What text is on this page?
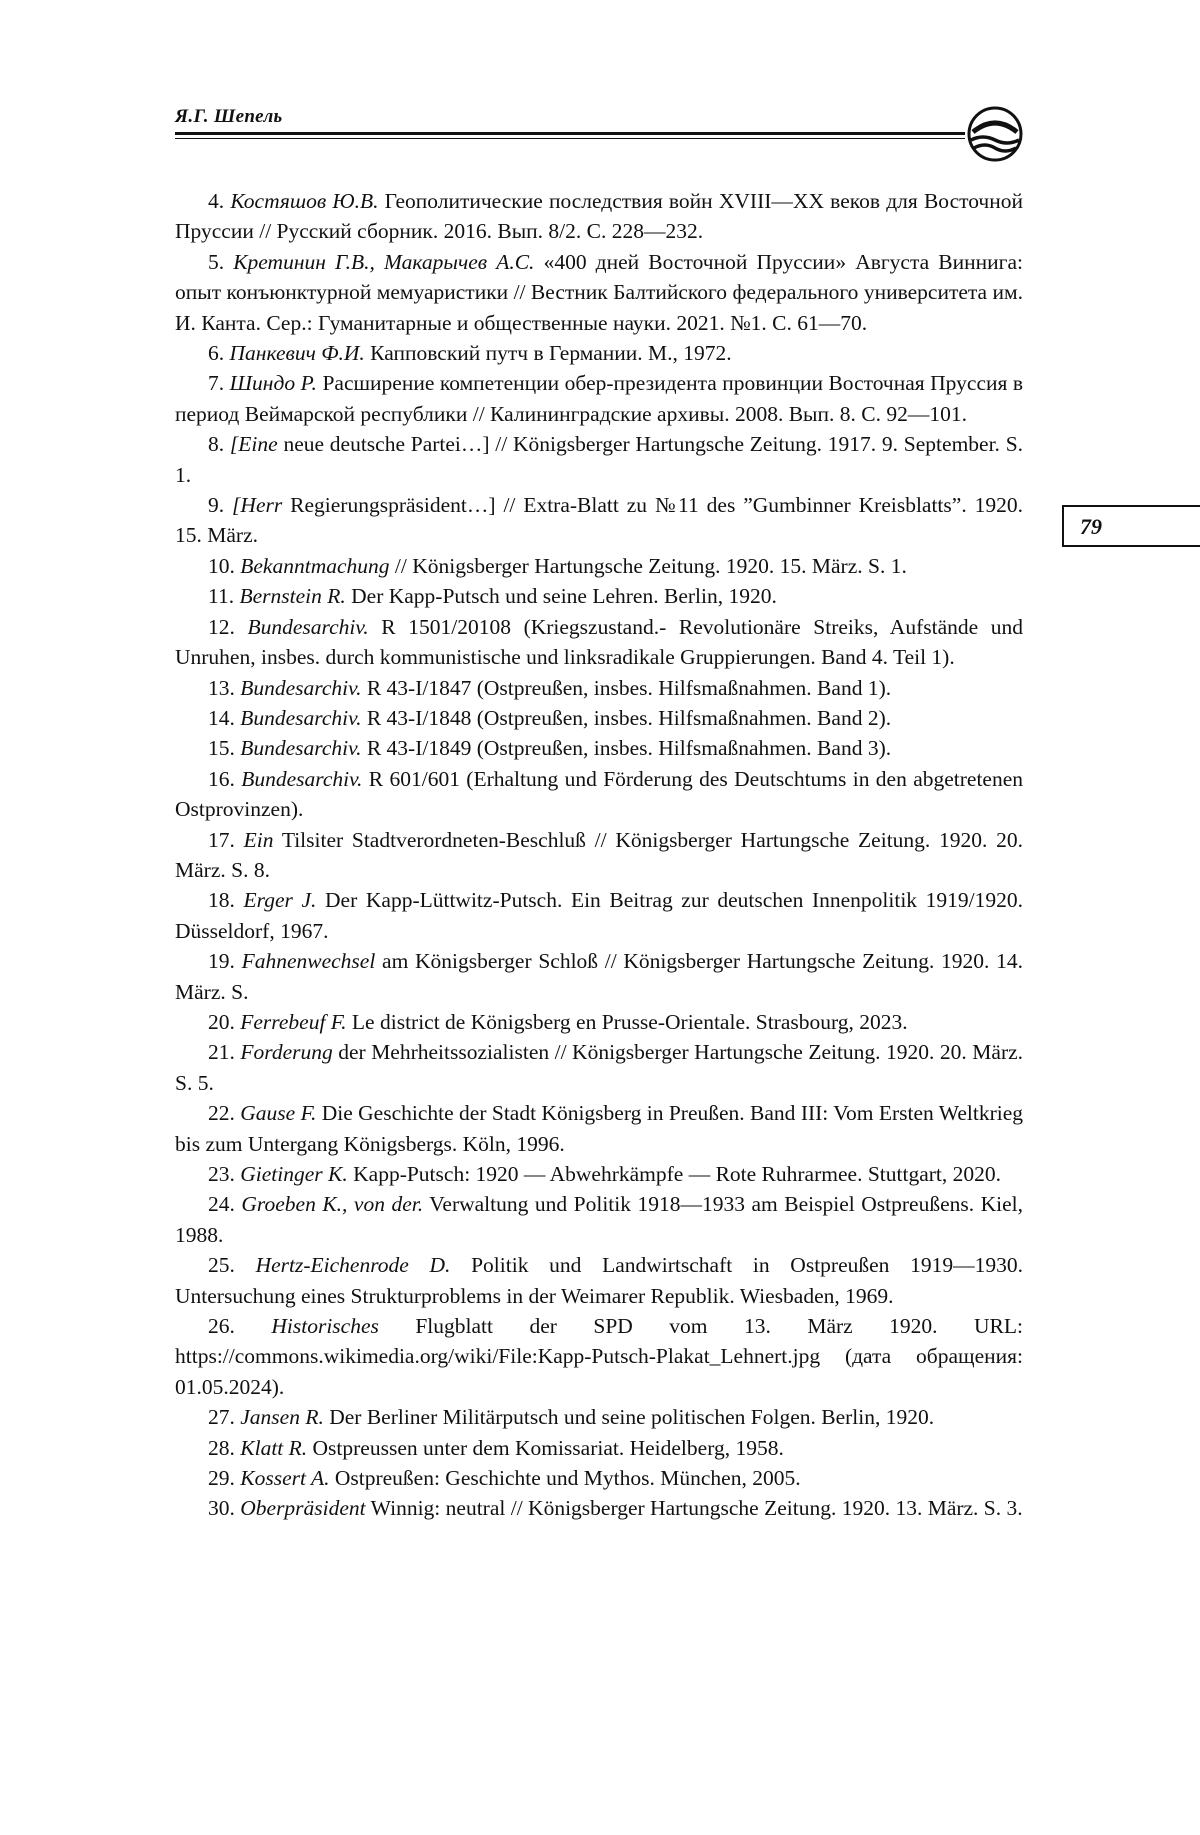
Я.Г. Шепель
79

4. Костяшов Ю.В. Геополитические последствия войн XVIII—XX веков для Восточной Пруссии // Русский сборник. 2016. Вып. 8/2. С. 228—232.

5. Кретинин Г.В., Макарычев А.С. «400 дней Восточной Пруссии» Августа Виннига: опыт конъюнктурной мемуаристики // Вестник Балтийского федерального университета им. И. Канта. Сер.: Гуманитарные и общественные науки. 2021. №1. С. 61—70.

6. Панкевич Ф.И. Капповский путч в Германии. М., 1972.

7. Шиндо Р. Расширение компетенции обер-президента провинции Восточная Пруссия в период Веймарской республики // Калининградские архивы. 2008. Вып. 8. С. 92—101.

8. [Eine neue deutsche Partei…] // Königsberger Hartungsche Zeitung. 1917. 9. September. S. 1.

9. [Herr Regierungspräsident…] // Extra-Blatt zu №11 des ”Gumbinner Kreisblatts”. 1920. 15. März.

10. Bekanntmachung // Königsberger Hartungsche Zeitung. 1920. 15. März. S. 1.

11. Bernstein R. Der Kapp-Putsch und seine Lehren. Berlin, 1920.

12. Bundesarchiv. R 1501/20108 (Kriegszustand.- Revolutionäre Streiks, Aufstände und Unruhen, insbes. durch kommunistische und linksradikale Gruppierungen. Band 4. Teil 1).

13. Bundesarchiv. R 43-I/1847 (Ostpreußen, insbes. Hilfsmaßnahmen. Band 1).

14. Bundesarchiv. R 43-I/1848 (Ostpreußen, insbes. Hilfsmaßnahmen. Band 2).

15. Bundesarchiv. R 43-I/1849 (Ostpreußen, insbes. Hilfsmaßnahmen. Band 3).

16. Bundesarchiv. R 601/601 (Erhaltung und Förderung des Deutschtums in den abgetretenen Ostprovinzen).

17. Ein Tilsiter Stadtverordneten-Beschluß // Königsberger Hartungsche Zeitung. 1920. 20. März. S. 8.

18. Erger J. Der Kapp-Lüttwitz-Putsch. Ein Beitrag zur deutschen Innenpolitik 1919/1920. Düsseldorf, 1967.

19. Fahnenwechsel am Königsberger Schloß // Königsberger Hartungsche Zeitung. 1920. 14. März. S.

20. Ferrebeuf F. Le district de Königsberg en Prusse-Orientale. Strasbourg, 2023.

21. Forderung der Mehrheitssozialisten // Königsberger Hartungsche Zeitung. 1920. 20. März. S. 5.

22. Gause F. Die Geschichte der Stadt Königsberg in Preußen. Band III: Vom Ersten Weltkrieg bis zum Untergang Königsbergs. Köln, 1996.

23. Gietinger K. Kapp-Putsch: 1920 — Abwehrkämpfe — Rote Ruhrarmee. Stuttgart, 2020.

24. Groeben K., von der. Verwaltung und Politik 1918—1933 am Beispiel Ostpreußens. Kiel, 1988.

25. Hertz-Eichenrode D. Politik und Landwirtschaft in Ostpreußen 1919—1930. Untersuchung eines Strukturproblems in der Weimarer Republik. Wiesbaden, 1969.

26. Historisches Flugblatt der SPD vom 13. März 1920. URL: https://commons.wikimedia.org/wiki/File:Kapp-Putsch-Plakat_Lehnert.jpg (дата обращения: 01.05.2024).

27. Jansen R. Der Berliner Militärputsch und seine politischen Folgen. Berlin, 1920.

28. Klatt R. Ostpreussen unter dem Komissariat. Heidelberg, 1958.

29. Kossert A. Ostpreußen: Geschichte und Mythos. München, 2005.

30. Oberpräsident Winnig: neutral // Königsberger Hartungsche Zeitung. 1920. 13. März. S. 3.
